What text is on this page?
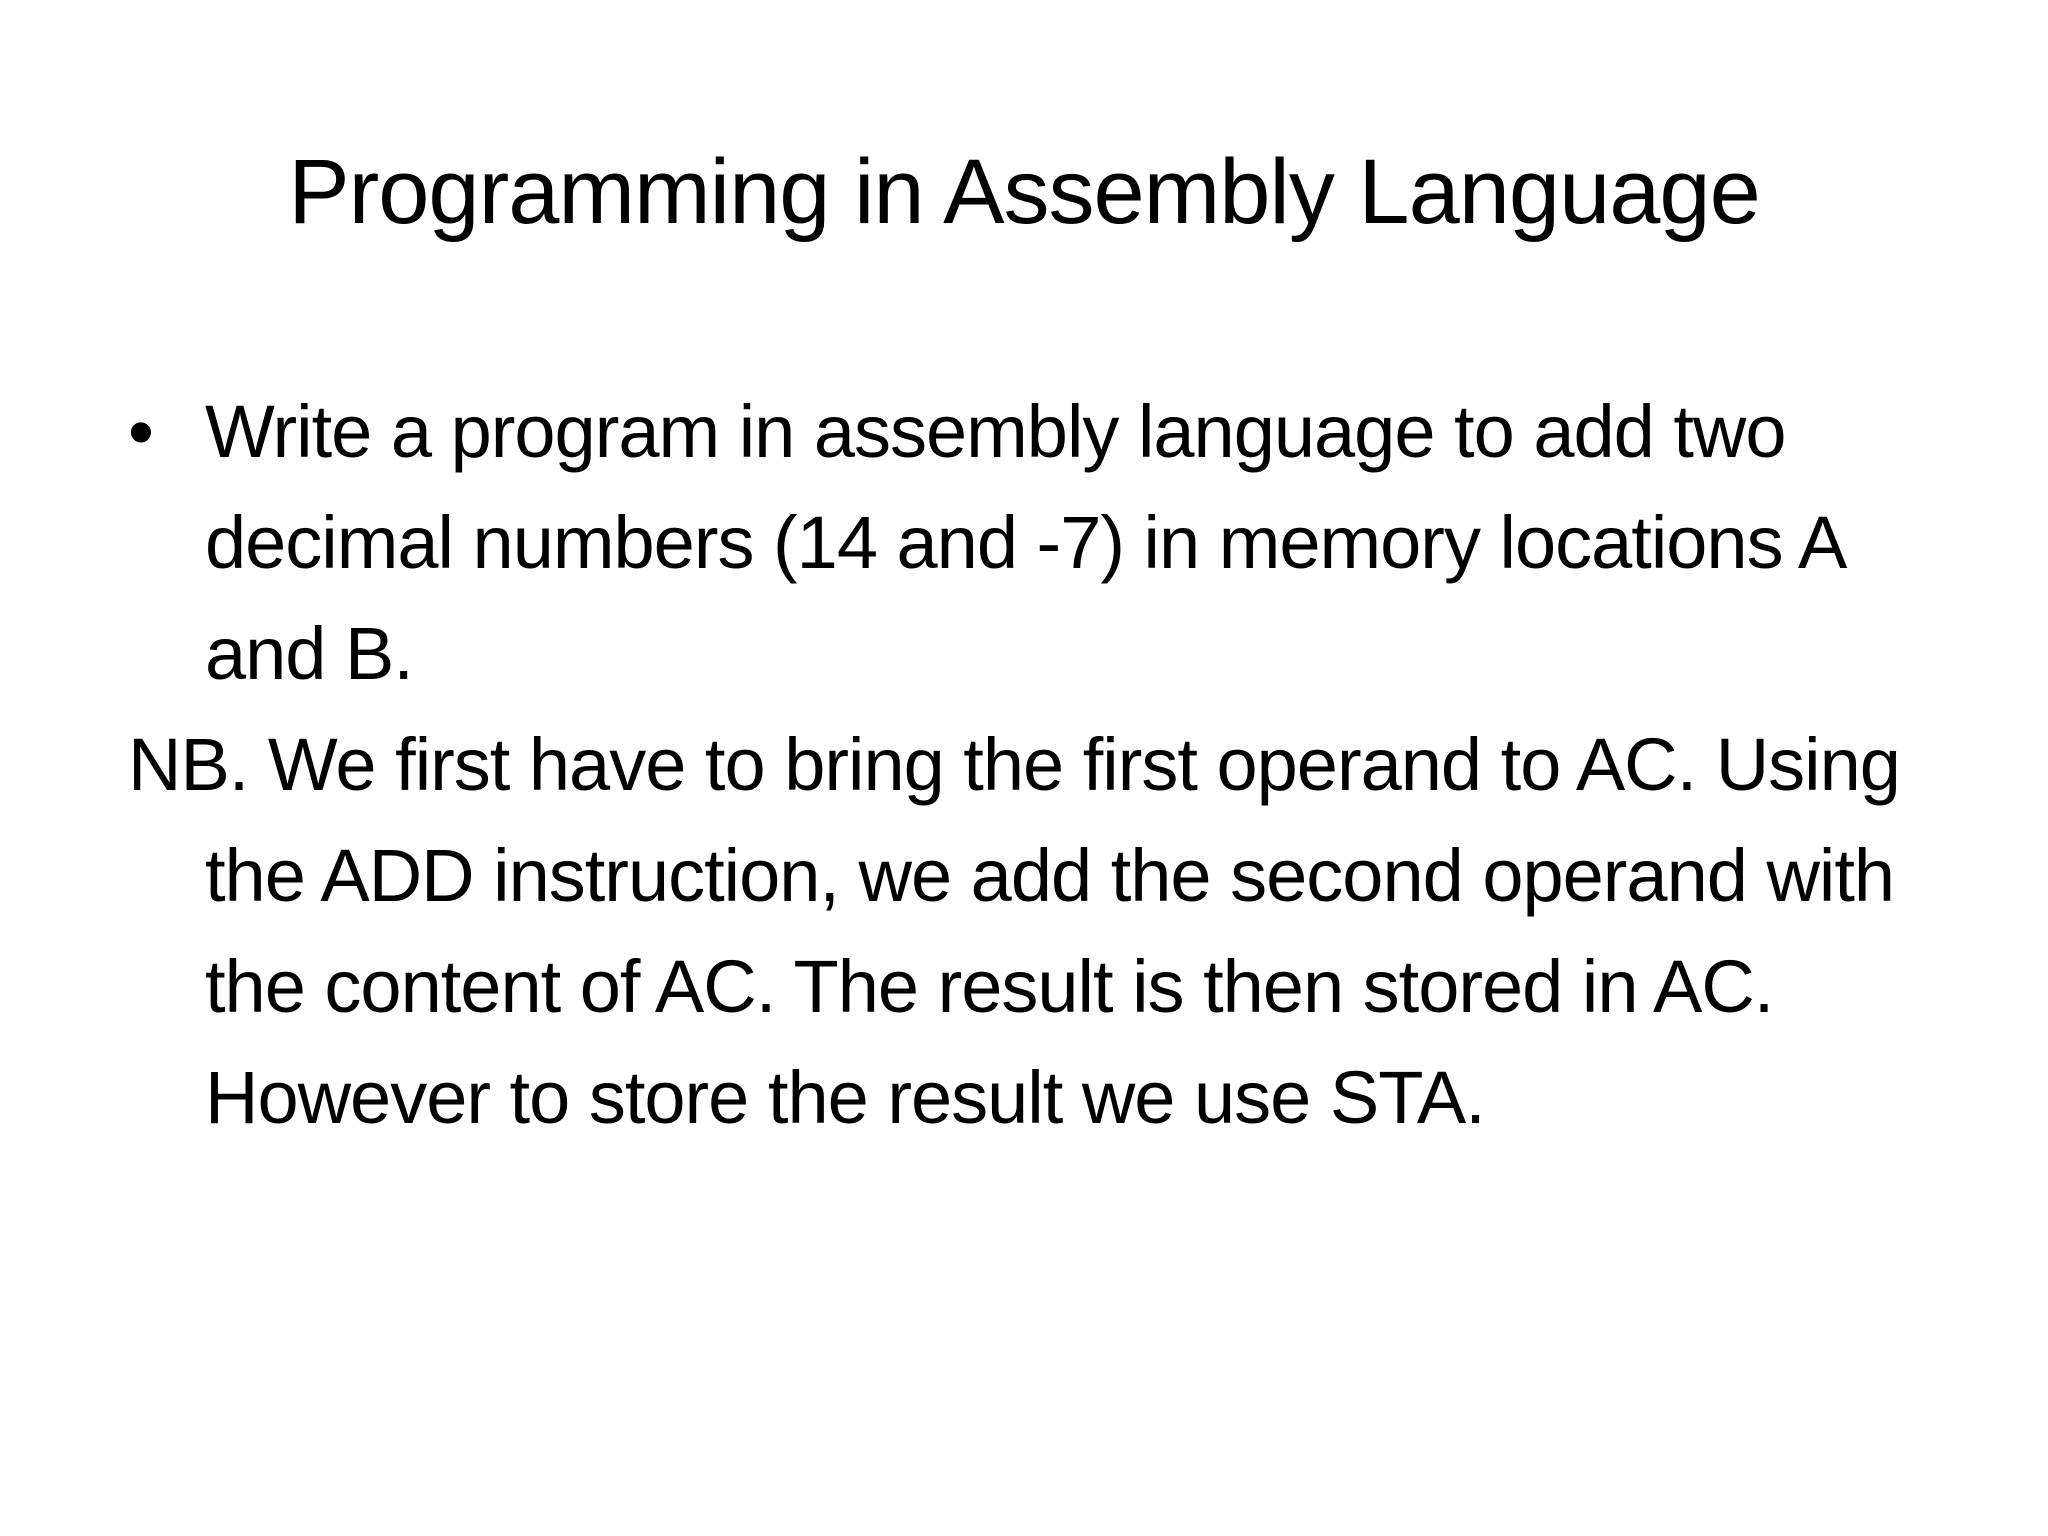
Programming in Assembly Language
• Write a program in assembly language to add two decimal numbers (14 and -7) in memory locations A and B.

NB. We first have to bring the first operand to AC. Using the ADD instruction, we add the second operand with the content of AC. The result is then stored in AC. However to store the result we use STA.
